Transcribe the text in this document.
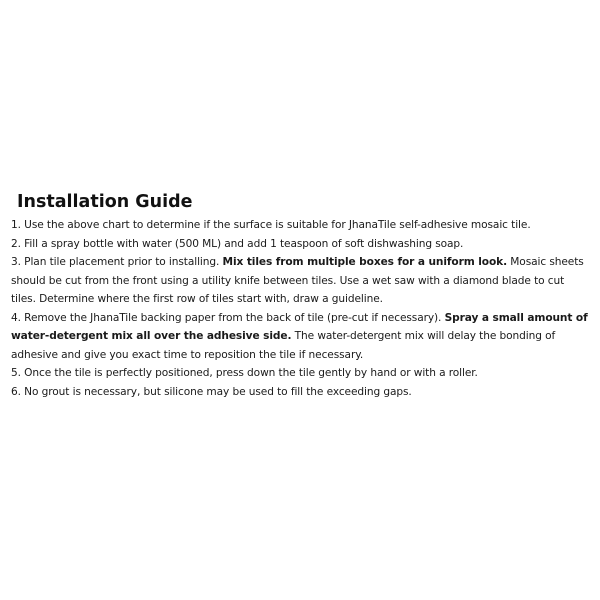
Installation Guide
1. Use the above chart to determine if the surface is suitable for JhanaTile self-adhesive mosaic tile.
2. Fill a spray bottle with water (500 ML) and add 1 teaspoon of soft dishwashing soap.
3. Plan tile placement prior to installing. Mix tiles from multiple boxes for a uniform look. Mosaic sheets should be cut from the front using a utility knife between tiles. Use a wet saw with a diamond blade to cut tiles. Determine where the first row of tiles start with, draw a guideline.
4. Remove the JhanaTile backing paper from the back of tile (pre-cut if necessary). Spray a small amount of water-detergent mix all over the adhesive side. The water-detergent mix will delay the bonding of adhesive and give you exact time to reposition the tile if necessary.
5. Once the tile is perfectly positioned, press down the tile gently by hand or with a roller.
6. No grout is necessary, but silicone may be used to fill the exceeding gaps.
